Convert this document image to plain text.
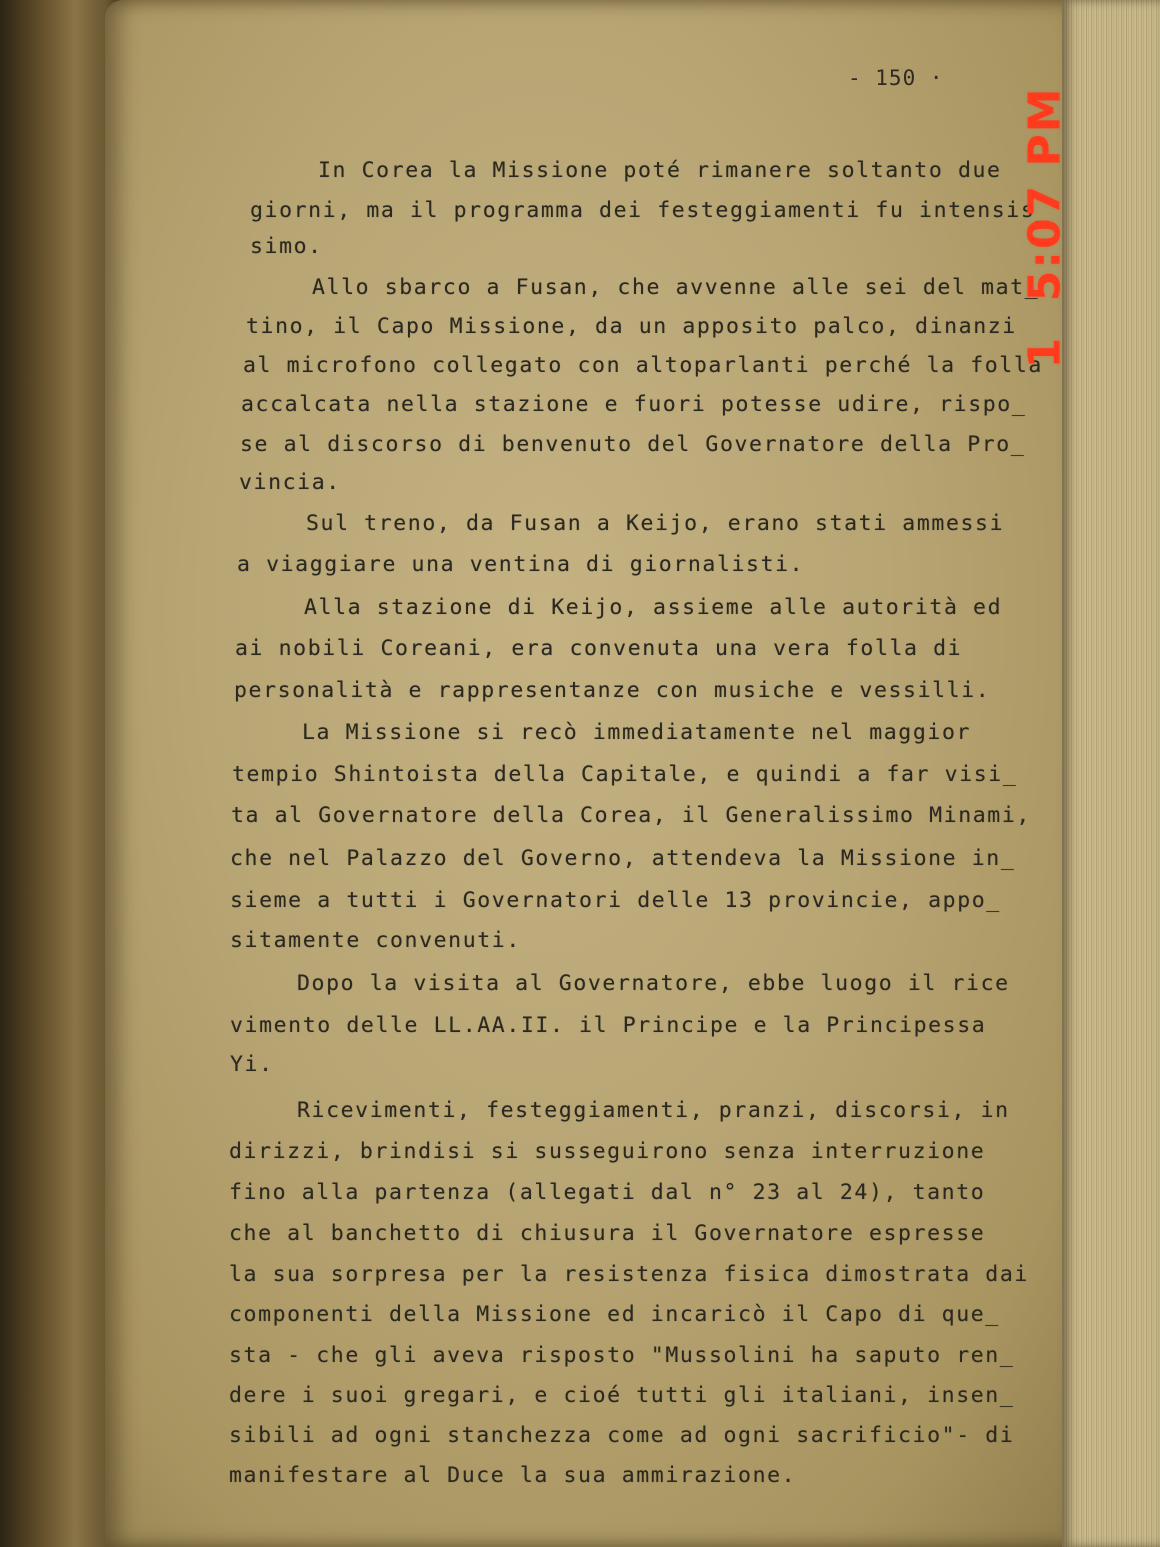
- 150 ·
In Corea la Missione poté rimanere soltanto due
giorni, ma il programma dei festeggiamenti fu intensis_
simo.
Allo sbarco a Fusan, che avvenne alle sei del mat_
tino, il Capo Missione, da un apposito palco, dinanzi
al microfono collegato con altoparlanti perché la folla
accalcata nella stazione e fuori potesse udire, rispo_
se al discorso di benvenuto del Governatore della Pro_
vincia.
Sul treno, da Fusan a Keijo, erano stati ammessi
a viaggiare una ventina di giornalisti.
Alla stazione di Keijo, assieme alle autorità ed
ai nobili Coreani, era convenuta una vera folla di
personalità e rappresentanze con musiche e vessilli.
La Missione si recò immediatamente nel maggior
tempio Shintoista della Capitale, e quindi a far visi_
ta al Governatore della Corea, il Generalissimo Minami,
che nel Palazzo del Governo, attendeva la Missione in_
sieme a tutti i Governatori delle 13 provincie, appo_
sitamente convenuti.
Dopo la visita al Governatore, ebbe luogo il rice
vimento delle LL.AA.II. il Principe e la Principessa
Yi.
Ricevimenti, festeggiamenti, pranzi, discorsi, in
dirizzi, brindisi si susseguirono senza interruzione
fino alla partenza (allegati dal n° 23 al 24), tanto
che al banchetto di chiusura il Governatore espresse
la sua sorpresa per la resistenza fisica dimostrata dai
componenti della Missione ed incaricò il Capo di que_
sta - che gli aveva risposto "Mussolini ha saputo ren_
dere i suoi gregari, e cioé tutti gli italiani, insen_
sibili ad ogni stanchezza come ad ogni sacrificio"- di
manifestare al Duce la sua ammirazione.
1  5:07 PM
